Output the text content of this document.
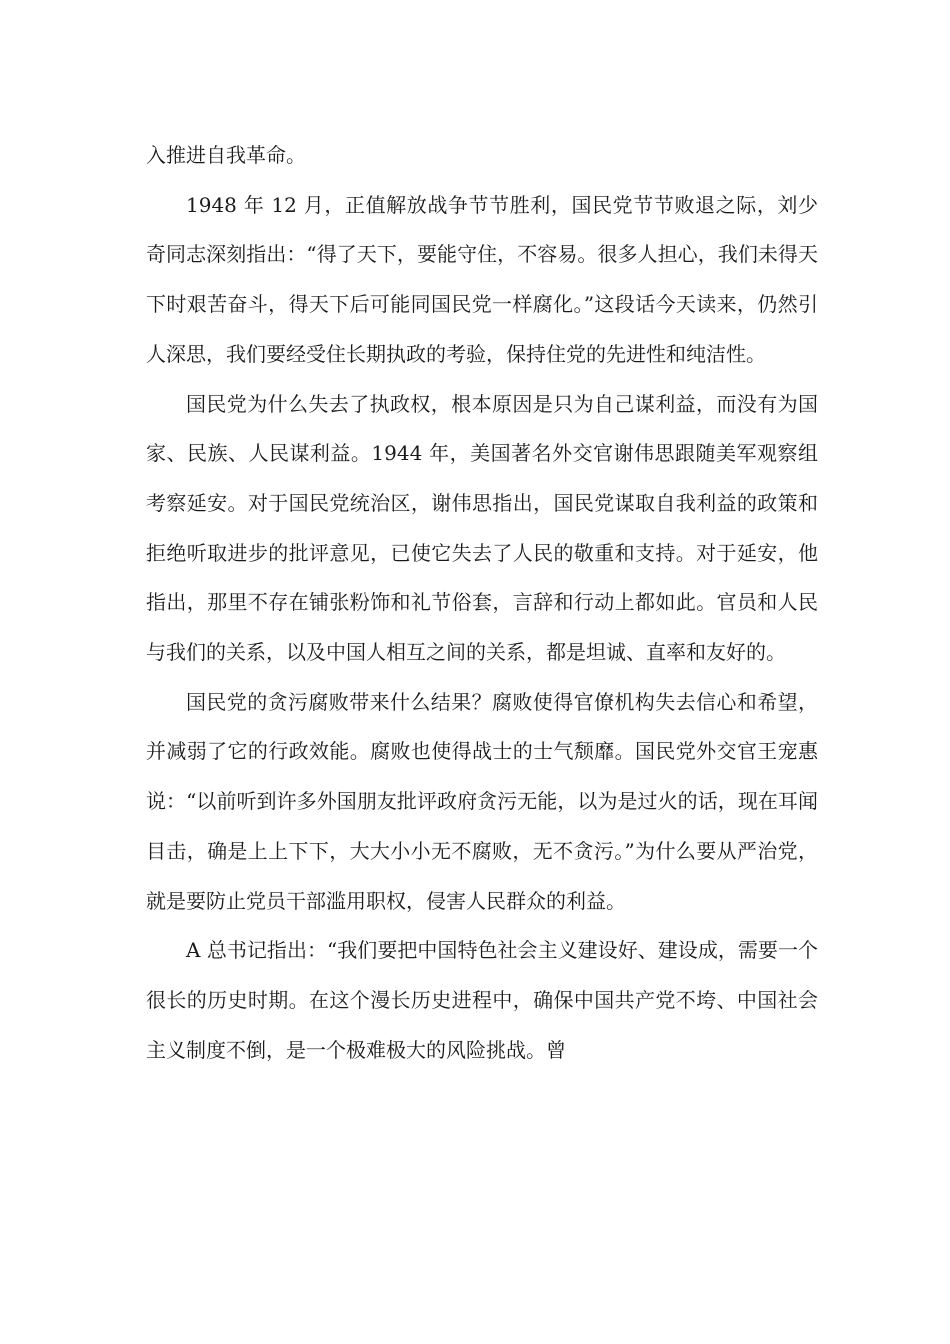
入推进自我革命。

1948 年 12 月，正值解放战争节节胜利，国民党节节败退之际，刘少奇同志深刻指出：“得了天下，要能守住，不容易。很多人担心，我们未得天下时艰苦奋斗，得天下后可能同国民党一样腐化。”这段话今天读来，仍然引人深思，我们要经受住长期执政的考验，保持住党的先进性和纯洁性。

国民党为什么失去了执政权，根本原因是只为自己谋利益，而没有为国家、民族、人民谋利益。1944 年，美国著名外交官谢伟思跟随美军观察组考察延安。对于国民党统治区，谢伟思指出，国民党谋取自我利益的政策和拒绝听取进步的批评意见，已使它失去了人民的敬重和支持。对于延安，他指出，那里不存在铺张粉饰和礼节俗套，言辞和行动上都如此。官员和人民与我们的关系，以及中国人相互之间的关系，都是坦诚、直率和友好的。

国民党的贪污腐败带来什么结果？腐败使得官僚机构失去信心和希望，并减弱了它的行政效能。腐败也使得战士的士气颓靡。国民党外交官王宠惠说：“以前听到许多外国朋友批评政府贪污无能，以为是过火的话，现在耳闻目击，确是上上下下，大大小小无不腐败，无不贪污。”为什么要从严治党，就是要防止党员干部滥用职权，侵害人民群众的利益。

A 总书记指出：“我们要把中国特色社会主义建设好、建设成，需要一个很长的历史时期。在这个漫长历史进程中，确保中国共产党不垮、中国社会主义制度不倒，是一个极难极大的风险挑战。曾
